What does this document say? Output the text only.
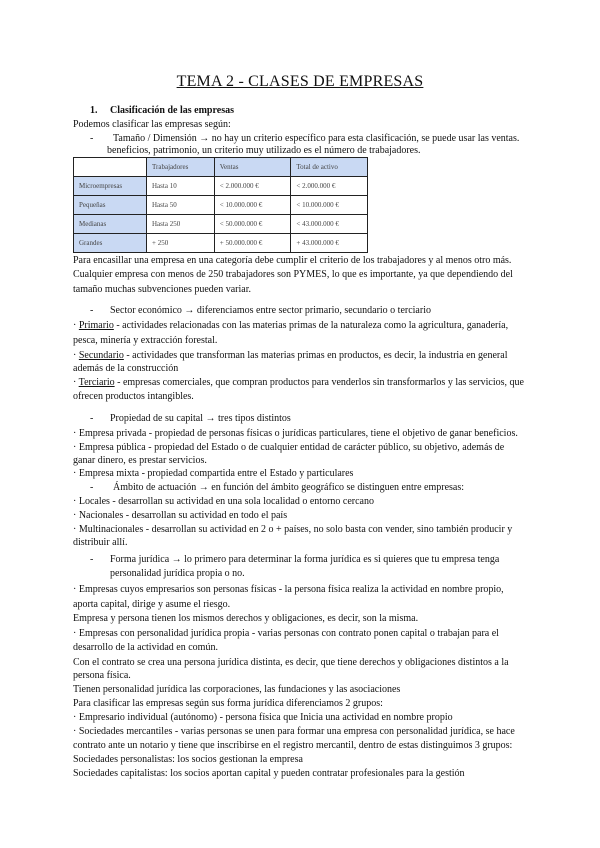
TEMA 2 - CLASES DE EMPRESAS
1. Clasificación de las empresas
Podemos clasificar las empresas según:
- Tamaño / Dimensión → no hay un criterio específico para esta clasificación, se puede usar las ventas.
beneficios, patrimonio, un criterio muy utilizado es el número de trabajadores.
	Trabajadores	Ventas	Total de activo
Microempresas	Hasta 10	< 2.000.000 €	< 2.000.000 €
Pequeñas	Hasta 50	< 10.000.000 €	< 10.000.000 €
Medianas	Hasta 250	< 50.000.000 €	< 43.000.000 €
Grandes	+ 250	+ 50.000.000 €	+ 43.000.000 €
Para encasillar una empresa en una categoría debe cumplir el criterio de los trabajadores y al menos otro más.
Cualquier empresa con menos de 250 trabajadores son PYMES, lo que es importante, ya que dependiendo del
tamaño muchas subvenciones pueden variar.
- Sector económico → diferenciamos entre sector primario, secundario o terciario
· Primario - actividades relacionadas con las materias primas de la naturaleza como la agricultura, ganadería,
pesca, minería y extracción forestal.
· Secundario - actividades que transforman las materias primas en productos, es decir, la industria en general
además de la construcción
· Terciario - empresas comerciales, que compran productos para venderlos sin transformarlos y las servicios, que
ofrecen productos intangibles.
- Propiedad de su capital → tres tipos distintos
· Empresa privada - propiedad de personas físicas o jurídicas particulares, tiene el objetivo de ganar beneficios.
· Empresa pública - propiedad del Estado o de cualquier entidad de carácter público, su objetivo, además de
ganar dinero, es prestar servicios.
· Empresa mixta - propiedad compartida entre el Estado y particulares
- Ámbito de actuación → en función del ámbito geográfico se distinguen entre empresas:
· Locales - desarrollan su actividad en una sola localidad o entorno cercano
· Nacionales - desarrollan su actividad en todo el país
· Multinacionales - desarrollan su actividad en 2 o + países, no solo basta con vender, sino también producir y
distribuir allí.
- Forma jurídica → lo primero para determinar la forma jurídica es si quieres que tu empresa tenga
personalidad jurídica propia o no.
· Empresas cuyos empresarios son personas físicas - la persona física realiza la actividad en nombre propio,
aporta capital, dirige y asume el riesgo.
Empresa y persona tienen los mismos derechos y obligaciones, es decir, son la misma.
· Empresas con personalidad jurídica propia - varias personas con contrato ponen capital o trabajan para el
desarrollo de la actividad en común.
Con el contrato se crea una persona jurídica distinta, es decir, que tiene derechos y obligaciones distintos a la
persona física.
Tienen personalidad jurídica las corporaciones, las fundaciones y las asociaciones
Para clasificar las empresas según sus forma jurídica diferenciamos 2 grupos:
· Empresario individual (autónomo) - persona física que Inicia una actividad en nombre propio
· Sociedades mercantiles - varias personas se unen para formar una empresa con personalidad jurídica, se hace
contrato ante un notario y tiene que inscribirse en el registro mercantil, dentro de estas distinguimos 3 grupos:
Sociedades personalistas: los socios gestionan la empresa
Sociedades capitalistas: los socios aportan capital y pueden contratar profesionales para la gestión
